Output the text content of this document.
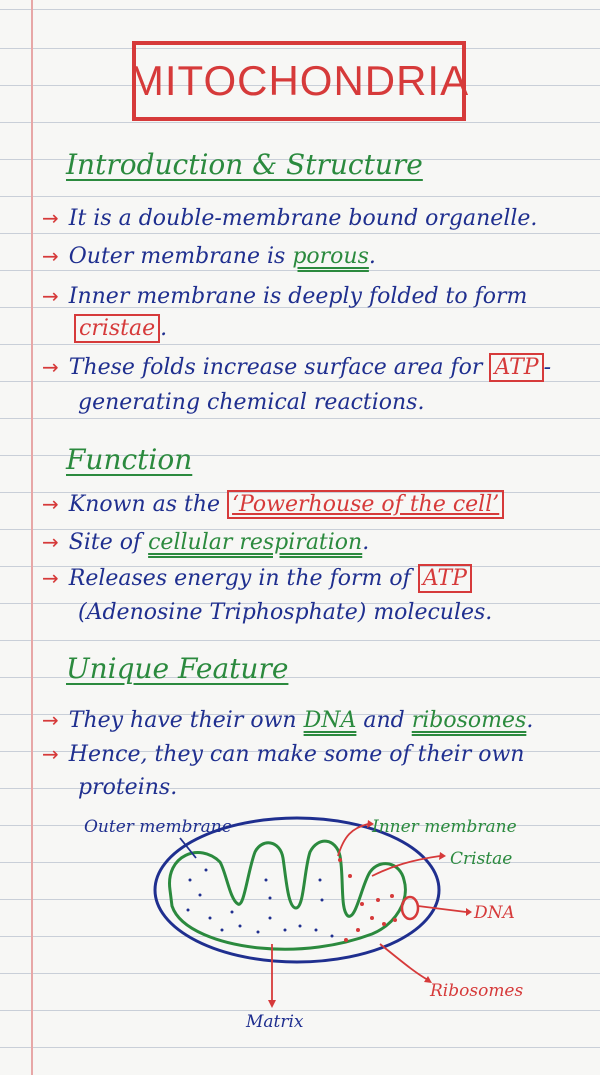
MITOCHONDRIA
Introduction & Structure
→ It is a double-membrane bound organelle.
→ Outer membrane is porous.
→ Inner membrane is deeply folded to form
cristae .
→ These folds increase surface area for ATP -
generating chemical reactions.
Function
→ Known as the ‘Powerhouse of the cell’
→ Site of cellular respiration.
→ Releases energy in the form of ATP
(Adenosine Triphosphate) molecules.
Unique Feature
→ They have their own DNA and ribosomes.
→ Hence, they can make some of their own
proteins.
Outer membrane	Inner membrane
Cristae
DNA
Ribosomes
Matrix
